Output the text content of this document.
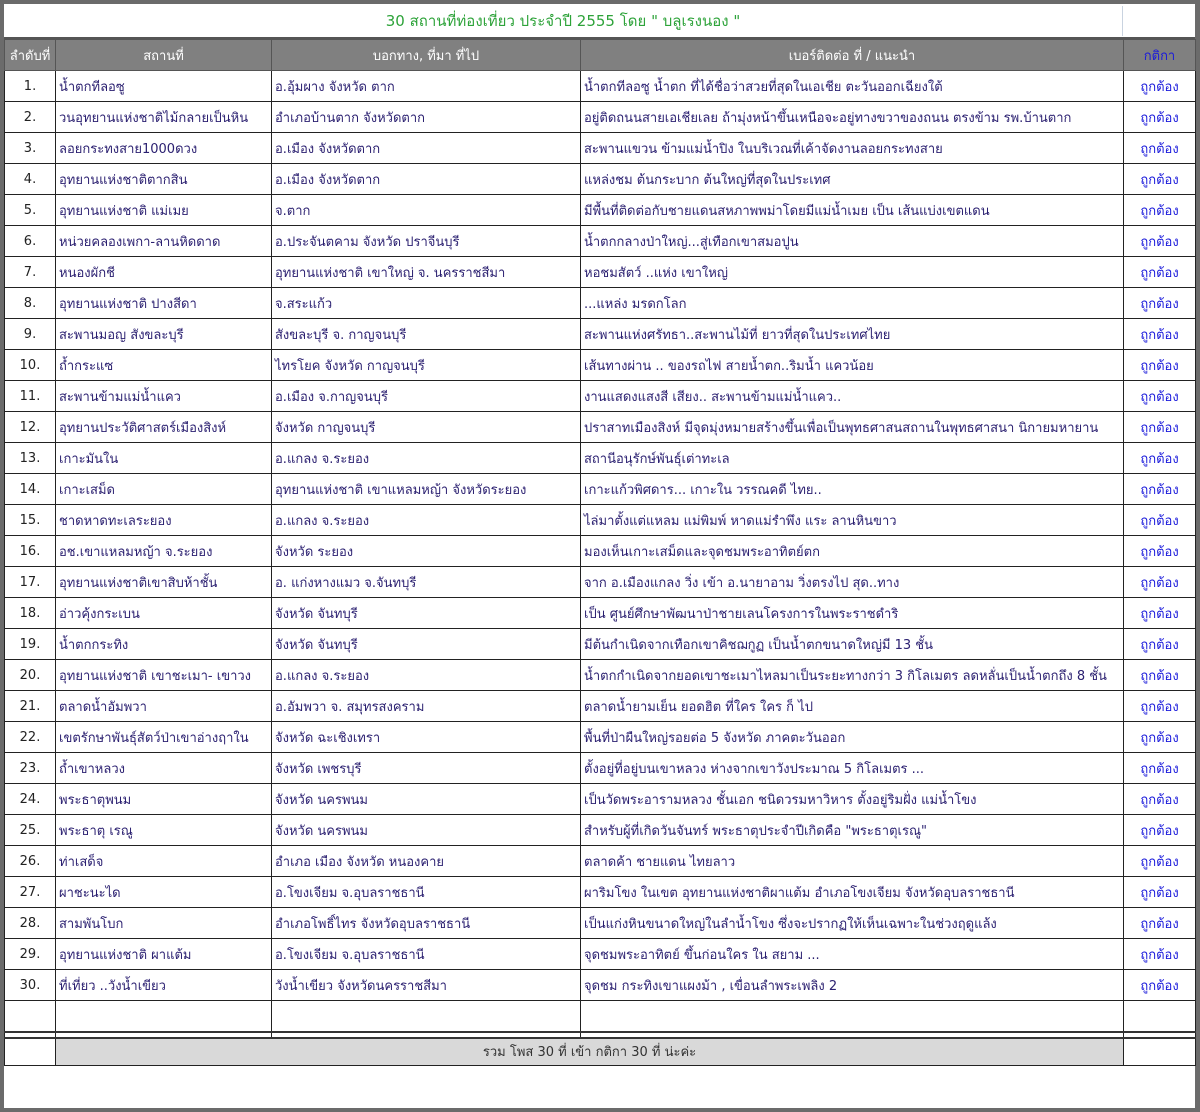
30 สถานที่ท่องเที่ยว ประจำปี 2555 โดย " บลูเรงนอง "
ลำดับที่	สถานที่	บอกทาง, ที่มา ที่ไป	เบอร์ติดต่อ ที่ / แนะนำ	กติกา
1.	น้ำตกทีลอซู	อ.อุ้มผาง จังหวัด ตาก	น้ำตกทีลอซู น้ำตก ที่ได้ชื่อว่าสวยที่สุดในเอเชีย ตะวันออกเฉียงใต้	ถูกต้อง
2.	วนอุทยานแห่งชาติไม้กลายเป็นหิน	อำเภอบ้านตาก จังหวัดตาก	อยู่ติดถนนสายเอเชียเลย ถ้ามุ่งหน้าขึ้นเหนือจะอยู่ทางขวาของถนน ตรงข้าม รพ.บ้านตาก	ถูกต้อง
3.	ลอยกระทงสาย1000ดวง	อ.เมือง จังหวัดตาก	สะพานแขวน ข้ามแม่น้ำปิง ในบริเวณที่เค้าจัดงานลอยกระทงสาย	ถูกต้อง
4.	อุทยานแห่งชาติตากสิน	อ.เมือง จังหวัดตาก	แหล่งชม ต้นกระบาก ต้นใหญ่ที่สุดในประเทศ	ถูกต้อง
5.	อุทยานแห่งชาติ แม่เมย	จ.ตาก	มีพื้นที่ติดต่อกับชายแดนสหภาพพม่าโดยมีแม่น้ำเมย เป็น เส้นแบ่งเขตแดน	ถูกต้อง
6.	หน่วยคลองเพกา-ลานหิดดาด	อ.ประจันตคาม จังหวัด ปราจีนบุรี	น้ำตกกลางป่าใหญ่...สู่เทือกเขาสมอปูน	ถูกต้อง
7.	หนองผักชี	อุทยานแห่งชาติ เขาใหญ่ จ. นครราชสีมา	หอชมสัตว์ ..แห่ง เขาใหญ่	ถูกต้อง
8.	อุทยานแห่งชาติ ปางสีดา	จ.สระแก้ว	...แหล่ง มรดกโลก	ถูกต้อง
9.	สะพานมอญ สังขละบุรี	สังขละบุรี จ. กาญจนบุรี	สะพานแห่งศรัทธา..สะพานไม้ที่ ยาวที่สุดในประเทศไทย	ถูกต้อง
10.	ถ้ำกระแซ	ไทรโยค จังหวัด กาญจนบุรี	เส้นทางผ่าน .. ของรถไฟ สายน้ำตก..ริมน้ำ แควน้อย	ถูกต้อง
11.	สะพานข้ามแม่น้ำแคว	อ.เมือง จ.กาญจนบุรี	งานแสดงแสงสี เสียง.. สะพานข้ามแม่น้ำแคว..	ถูกต้อง
12.	อุทยานประวัติศาสตร์เมืองสิงห์	จังหวัด กาญจนบุรี	ปราสาทเมืองสิงห์ มีจุดมุ่งหมายสร้างขึ้นเพื่อเป็นพุทธศาสนสถานในพุทธศาสนา นิกายมหายาน	ถูกต้อง
13.	เกาะมันใน	อ.แกลง จ.ระยอง	สถานีอนุรักษ์พันธุ์เต่าทะเล	ถูกต้อง
14.	เกาะเสม็ด	อุทยานแห่งชาติ เขาแหลมหญ้า จังหวัดระยอง	เกาะแก้วพิศดาร... เกาะใน วรรณคดี ไทย..	ถูกต้อง
15.	ชาดหาดทะเลระยอง	อ.แกลง จ.ระยอง	ไล่มาตั้งแต่แหลม แม่พิมพ์ หาดแม่รำพึง แระ ลานหินขาว	ถูกต้อง
16.	อช.เขาแหลมหญ้า จ.ระยอง	จังหวัด ระยอง	มองเห็นเกาะเสม็ดและจุดชมพระอาทิตย์ตก	ถูกต้อง
17.	อุทยานแห่งชาติเขาสิบห้าชั้น	อ. แก่งหางแมว จ.จันทบุรี	จาก อ.เมืองแกลง วิ่ง เข้า อ.นายาอาม วิ่งตรงไป สุด..ทาง	ถูกต้อง
18.	อ่าวคุ้งกระเบน	จังหวัด จันทบุรี	เป็น ศูนย์ศึกษาพัฒนาป่าชายเลนโครงการในพระราชดำริ	ถูกต้อง
19.	น้ำตกกระทิง	จังหวัด จันทบุรี	มีต้นกำเนิดจากเทือกเขาคิชฌกูฏ เป็นน้ำตกขนาดใหญ่มี 13 ชั้น	ถูกต้อง
20.	อุทยานแห่งชาติ เขาชะเมา- เขาวง	อ.แกลง จ.ระยอง	น้ำตกกำเนิดจากยอดเขาชะเมาไหลมาเป็นระยะทางกว่า 3 กิโลเมตร ลดหลั่นเป็นน้ำตกถึง 8 ชั้น	ถูกต้อง
21.	ตลาดน้ำอัมพวา	อ.อัมพวา จ. สมุทรสงคราม	ตลาดน้ำยามเย็น ยอดฮิต ที่ใคร ใคร ก็ ไป	ถูกต้อง
22.	เขตรักษาพันธุ์สัตว์ป่าเขาอ่างฤาใน	จังหวัด ฉะเชิงเทรา	พื้นที่ป่าผืนใหญ่รอยต่อ 5 จังหวัด ภาคตะวันออก	ถูกต้อง
23.	ถ้ำเขาหลวง	จังหวัด เพชรบุรี	ตั้งอยู่ที่อยู่บนเขาหลวง ห่างจากเขาวังประมาณ 5 กิโลเมตร ...	ถูกต้อง
24.	พระธาตุพนม	จังหวัด นครพนม	เป็นวัดพระอารามหลวง ชั้นเอก ชนิดวรมหาวิหาร ตั้งอยู่ริมฝั่ง แม่น้ำโขง	ถูกต้อง
25.	พระธาตุ เรณู	จังหวัด นครพนม	สำหรับผู้ที่เกิดวันจันทร์ พระธาตุประจำปีเกิดคือ "พระธาตุเรณู"	ถูกต้อง
26.	ท่าเสด็จ	อำเภอ เมือง จังหวัด หนองคาย	ตลาดค้า ชายแดน ไทยลาว	ถูกต้อง
27.	ผาชะนะได	อ.โขงเจียม จ.อุบลราชธานี	ผาริมโขง ในเขต อุทยานแห่งชาติผาแต้ม อำเภอโขงเจียม จังหวัดอุบลราชธานี	ถูกต้อง
28.	สามพันโบก	อำเภอโพธิ์ไทร จังหวัดอุบลราชธานี	เป็นแก่งหินขนาดใหญ่ในลำน้ำโขง ซึ่งจะปรากฏให้เห็นเฉพาะในช่วงฤดูแล้ง	ถูกต้อง
29.	อุทยานแห่งชาติ ผาแต้ม	อ.โขงเจียม จ.อุบลราชธานี	จุดชมพระอาทิตย์ ขึ้นก่อนใคร ใน สยาม ...	ถูกต้อง
30.	ที่เที่ยว ..วังน้ำเขียว	วังน้ำเขียว จังหวัดนครราชสีมา	จุดชม กระทิงเขาแผงม้า , เขื่อนลำพระเพลิง 2	ถูกต้อง

	รวม โพส 30 ที่ เข้า กติกา 30 ที่ น่ะค่ะ			
